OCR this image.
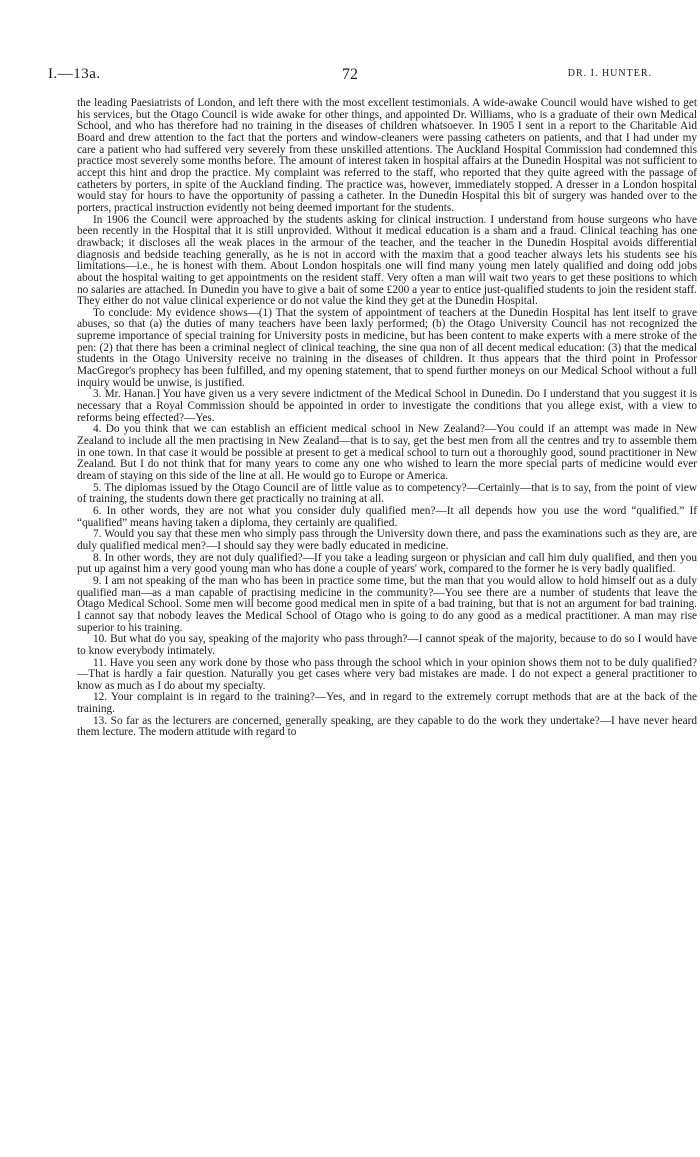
I.—13a.	72	DR. I. HUNTER.

the leading Paesiatrists of London, and left there with the most excellent testimonials. A wide-awake Council would have wished to get his services, but the Otago Council is wide awake for other things, and appointed Dr. Williams, who is a graduate of their own Medical School, and who has therefore had no training in the diseases of children whatsoever. In 1905 I sent in a report to the Charitable Aid Board and drew attention to the fact that the porters and window-cleaners were passing catheters on patients, and that I had under my care a patient who had suffered very severely from these unskilled attentions. The Auckland Hospital Commission had condemned this practice most severely some months before. The amount of interest taken in hospital affairs at the Dunedin Hospital was not sufficient to accept this hint and drop the practice. My complaint was referred to the staff, who reported that they quite agreed with the passage of catheters by porters, in spite of the Auckland finding. The practice was, however, immediately stopped. A dresser in a London hospital would stay for hours to have the opportunity of passing a catheter. In the Dunedin Hospital this bit of surgery was handed over to the porters, practical instruction evidently not being deemed important for the students.

In 1906 the Council were approached by the students asking for clinical instruction. I understand from house surgeons who have been recently in the Hospital that it is still unprovided. Without it medical education is a sham and a fraud. Clinical teaching has one drawback; it discloses all the weak places in the armour of the teacher, and the teacher in the Dunedin Hospital avoids differential diagnosis and bedside teaching generally, as he is not in accord with the maxim that a good teacher always lets his students see his limitations—i.e., he is honest with them. About London hospitals one will find many young men lately qualified and doing odd jobs about the hospital waiting to get appointments on the resident staff. Very often a man will wait two years to get these positions to which no salaries are attached. In Dunedin you have to give a bait of some £200 a year to entice just-qualified students to join the resident staff. They either do not value clinical experience or do not value the kind they get at the Dunedin Hospital.

To conclude: My evidence shows—(1) That the system of appointment of teachers at the Dunedin Hospital has lent itself to grave abuses, so that (a) the duties of many teachers have been laxly performed; (b) the Otago University Council has not recognized the supreme importance of special training for University posts in medicine, but has been content to make experts with a mere stroke of the pen: (2) that there has been a criminal neglect of clinical teaching, the sine qua non of all decent medical education: (3) that the medical students in the Otago University receive no training in the diseases of children. It thus appears that the third point in Professor MacGregor's prophecy has been fulfilled, and my opening statement, that to spend further moneys on our Medical School without a full inquiry would be unwise, is justified.

3. Mr. Hanan.] You have given us a very severe indictment of the Medical School in Dunedin. Do I understand that you suggest it is necessary that a Royal Commission should be appointed in order to investigate the conditions that you allege exist, with a view to reforms being effected?—Yes.

4. Do you think that we can establish an efficient medical school in New Zealand?—You could if an attempt was made in New Zealand to include all the men practising in New Zealand—that is to say, get the best men from all the centres and try to assemble them in one town. In that case it would be possible at present to get a medical school to turn out a thoroughly good, sound practitioner in New Zealand. But I do not think that for many years to come any one who wished to learn the more special parts of medicine would ever dream of staying on this side of the line at all. He would go to Europe or America.

5. The diplomas issued by the Otago Council are of little value as to competency?—Certainly—that is to say, from the point of view of training, the students down there get practically no training at all.

6. In other words, they are not what you consider duly qualified men?—It all depends how you use the word “qualified.” If “qualified” means having taken a diploma, they certainly are qualified.

7. Would you say that these men who simply pass through the University down there, and pass the examinations such as they are, are duly qualified medical men?—I should say they were badly educated in medicine.

8. In other words, they are not duly qualified?—If you take a leading surgeon or physician and call him duly qualified, and then you put up against him a very good young man who has done a couple of years' work, compared to the former he is very badly qualified.

9. I am not speaking of the man who has been in practice some time, but the man that you would allow to hold himself out as a duly qualified man—as a man capable of practising medicine in the community?—You see there are a number of students that leave the Otago Medical School. Some men will become good medical men in spite of a bad training, but that is not an argument for bad training. I cannot say that nobody leaves the Medical School of Otago who is going to do any good as a medical practitioner. A man may rise superior to his training.

10. But what do you say, speaking of the majority who pass through?—I cannot speak of the majority, because to do so I would have to know everybody intimately.

11. Have you seen any work done by those who pass through the school which in your opinion shows them not to be duly qualified?—That is hardly a fair question. Naturally you get cases where very bad mistakes are made. I do not expect a general practitioner to know as much as I do about my specialty.

12. Your complaint is in regard to the training?—Yes, and in regard to the extremely corrupt methods that are at the back of the training.

13. So far as the lecturers are concerned, generally speaking, are they capable to do the work they undertake?—I have never heard them lecture. The modern attitude with regard to
